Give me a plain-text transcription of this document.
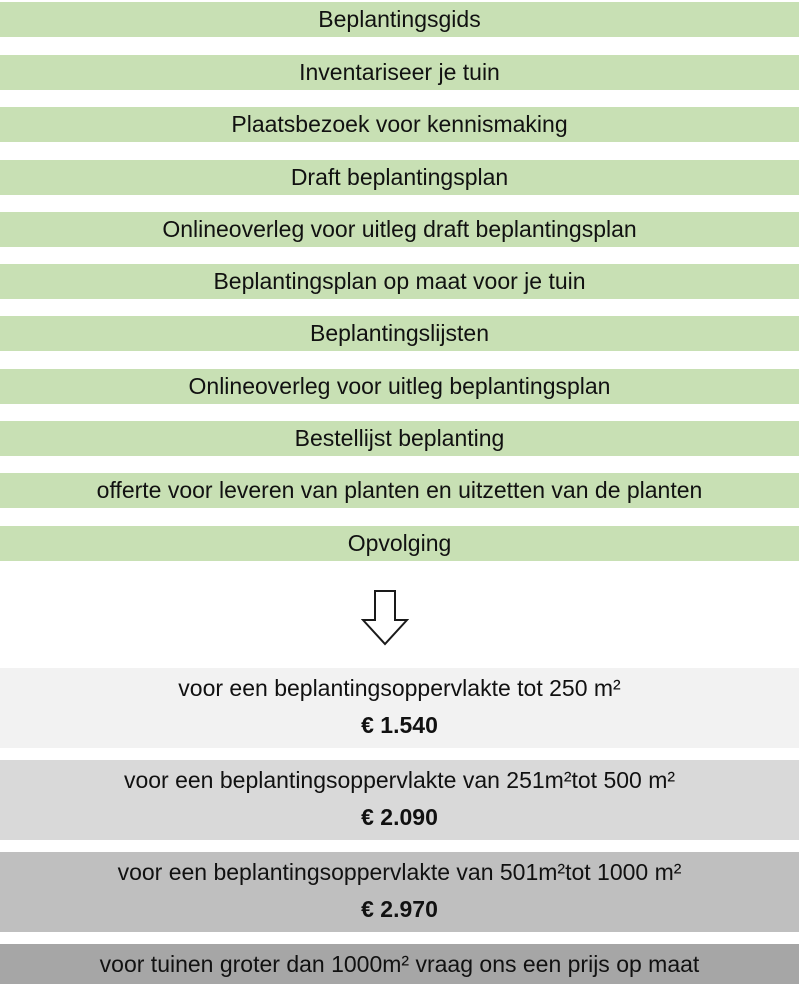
Beplantingsgids
Inventariseer je tuin
Plaatsbezoek voor kennismaking
Draft beplantingsplan
Onlineoverleg voor uitleg draft beplantingsplan
Beplantingsplan op maat voor je tuin
Beplantingslijsten
Onlineoverleg voor uitleg beplantingsplan
Bestellijst beplanting
offerte voor leveren van planten en uitzetten van de planten
Opvolging
voor een beplantingsoppervlakte tot 250 m²
€ 1.540
voor een beplantingsoppervlakte van 251m²tot 500 m²
€ 2.090
voor een beplantingsoppervlakte van 501m²tot 1000 m²
€ 2.970
voor tuinen groter dan 1000m² vraag ons een prijs op maat
